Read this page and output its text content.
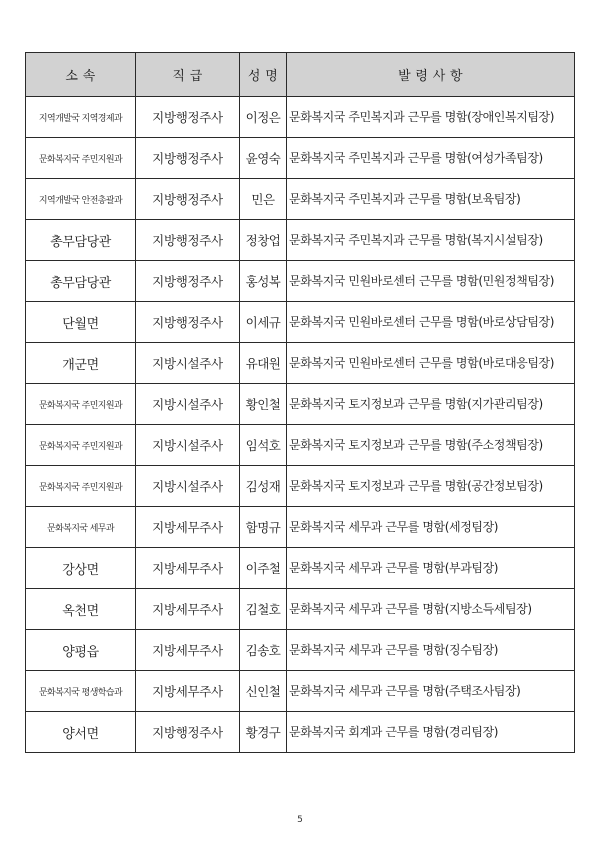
소 속	직 급	성 명	발 령 사 항
지역개발국 지역경제과	지방행정주사	이정은	문화복지국 주민복지과 근무를 명함(장애인복지팀장)
문화복지국 주민지원과	지방행정주사	윤영숙	문화복지국 주민복지과 근무를 명함(여성가족팀장)
지역개발국 안전총괄과	지방행정주사	민은	문화복지국 주민복지과 근무를 명함(보육팀장)
총무담당관	지방행정주사	정창업	문화복지국 주민복지과 근무를 명함(복지시설팀장)
총무담당관	지방행정주사	홍성복	문화복지국 민원바로센터 근무를 명함(민원정책팀장)
단월면	지방행정주사	이세규	문화복지국 민원바로센터 근무를 명함(바로상담팀장)
개군면	지방시설주사	유대원	문화복지국 민원바로센터 근무를 명함(바로대응팀장)
문화복지국 주민지원과	지방시설주사	황인철	문화복지국 토지정보과 근무를 명함(지가관리팀장)
문화복지국 주민지원과	지방시설주사	임석호	문화복지국 토지정보과 근무를 명함(주소정책팀장)
문화복지국 주민지원과	지방시설주사	김성재	문화복지국 토지정보과 근무를 명함(공간정보팀장)
문화복지국 세무과	지방세무주사	함명규	문화복지국 세무과 근무를 명함(세정팀장)
강상면	지방세무주사	이주철	문화복지국 세무과 근무를 명함(부과팀장)
옥천면	지방세무주사	김철호	문화복지국 세무과 근무를 명함(지방소득세팀장)
양평읍	지방세무주사	김송호	문화복지국 세무과 근무를 명함(징수팀장)
문화복지국 평생학습과	지방세무주사	신인철	문화복지국 세무과 근무를 명함(주택조사팀장)
양서면	지방행정주사	황경구	문화복지국 회계과 근무를 명함(경리팀장)
5
